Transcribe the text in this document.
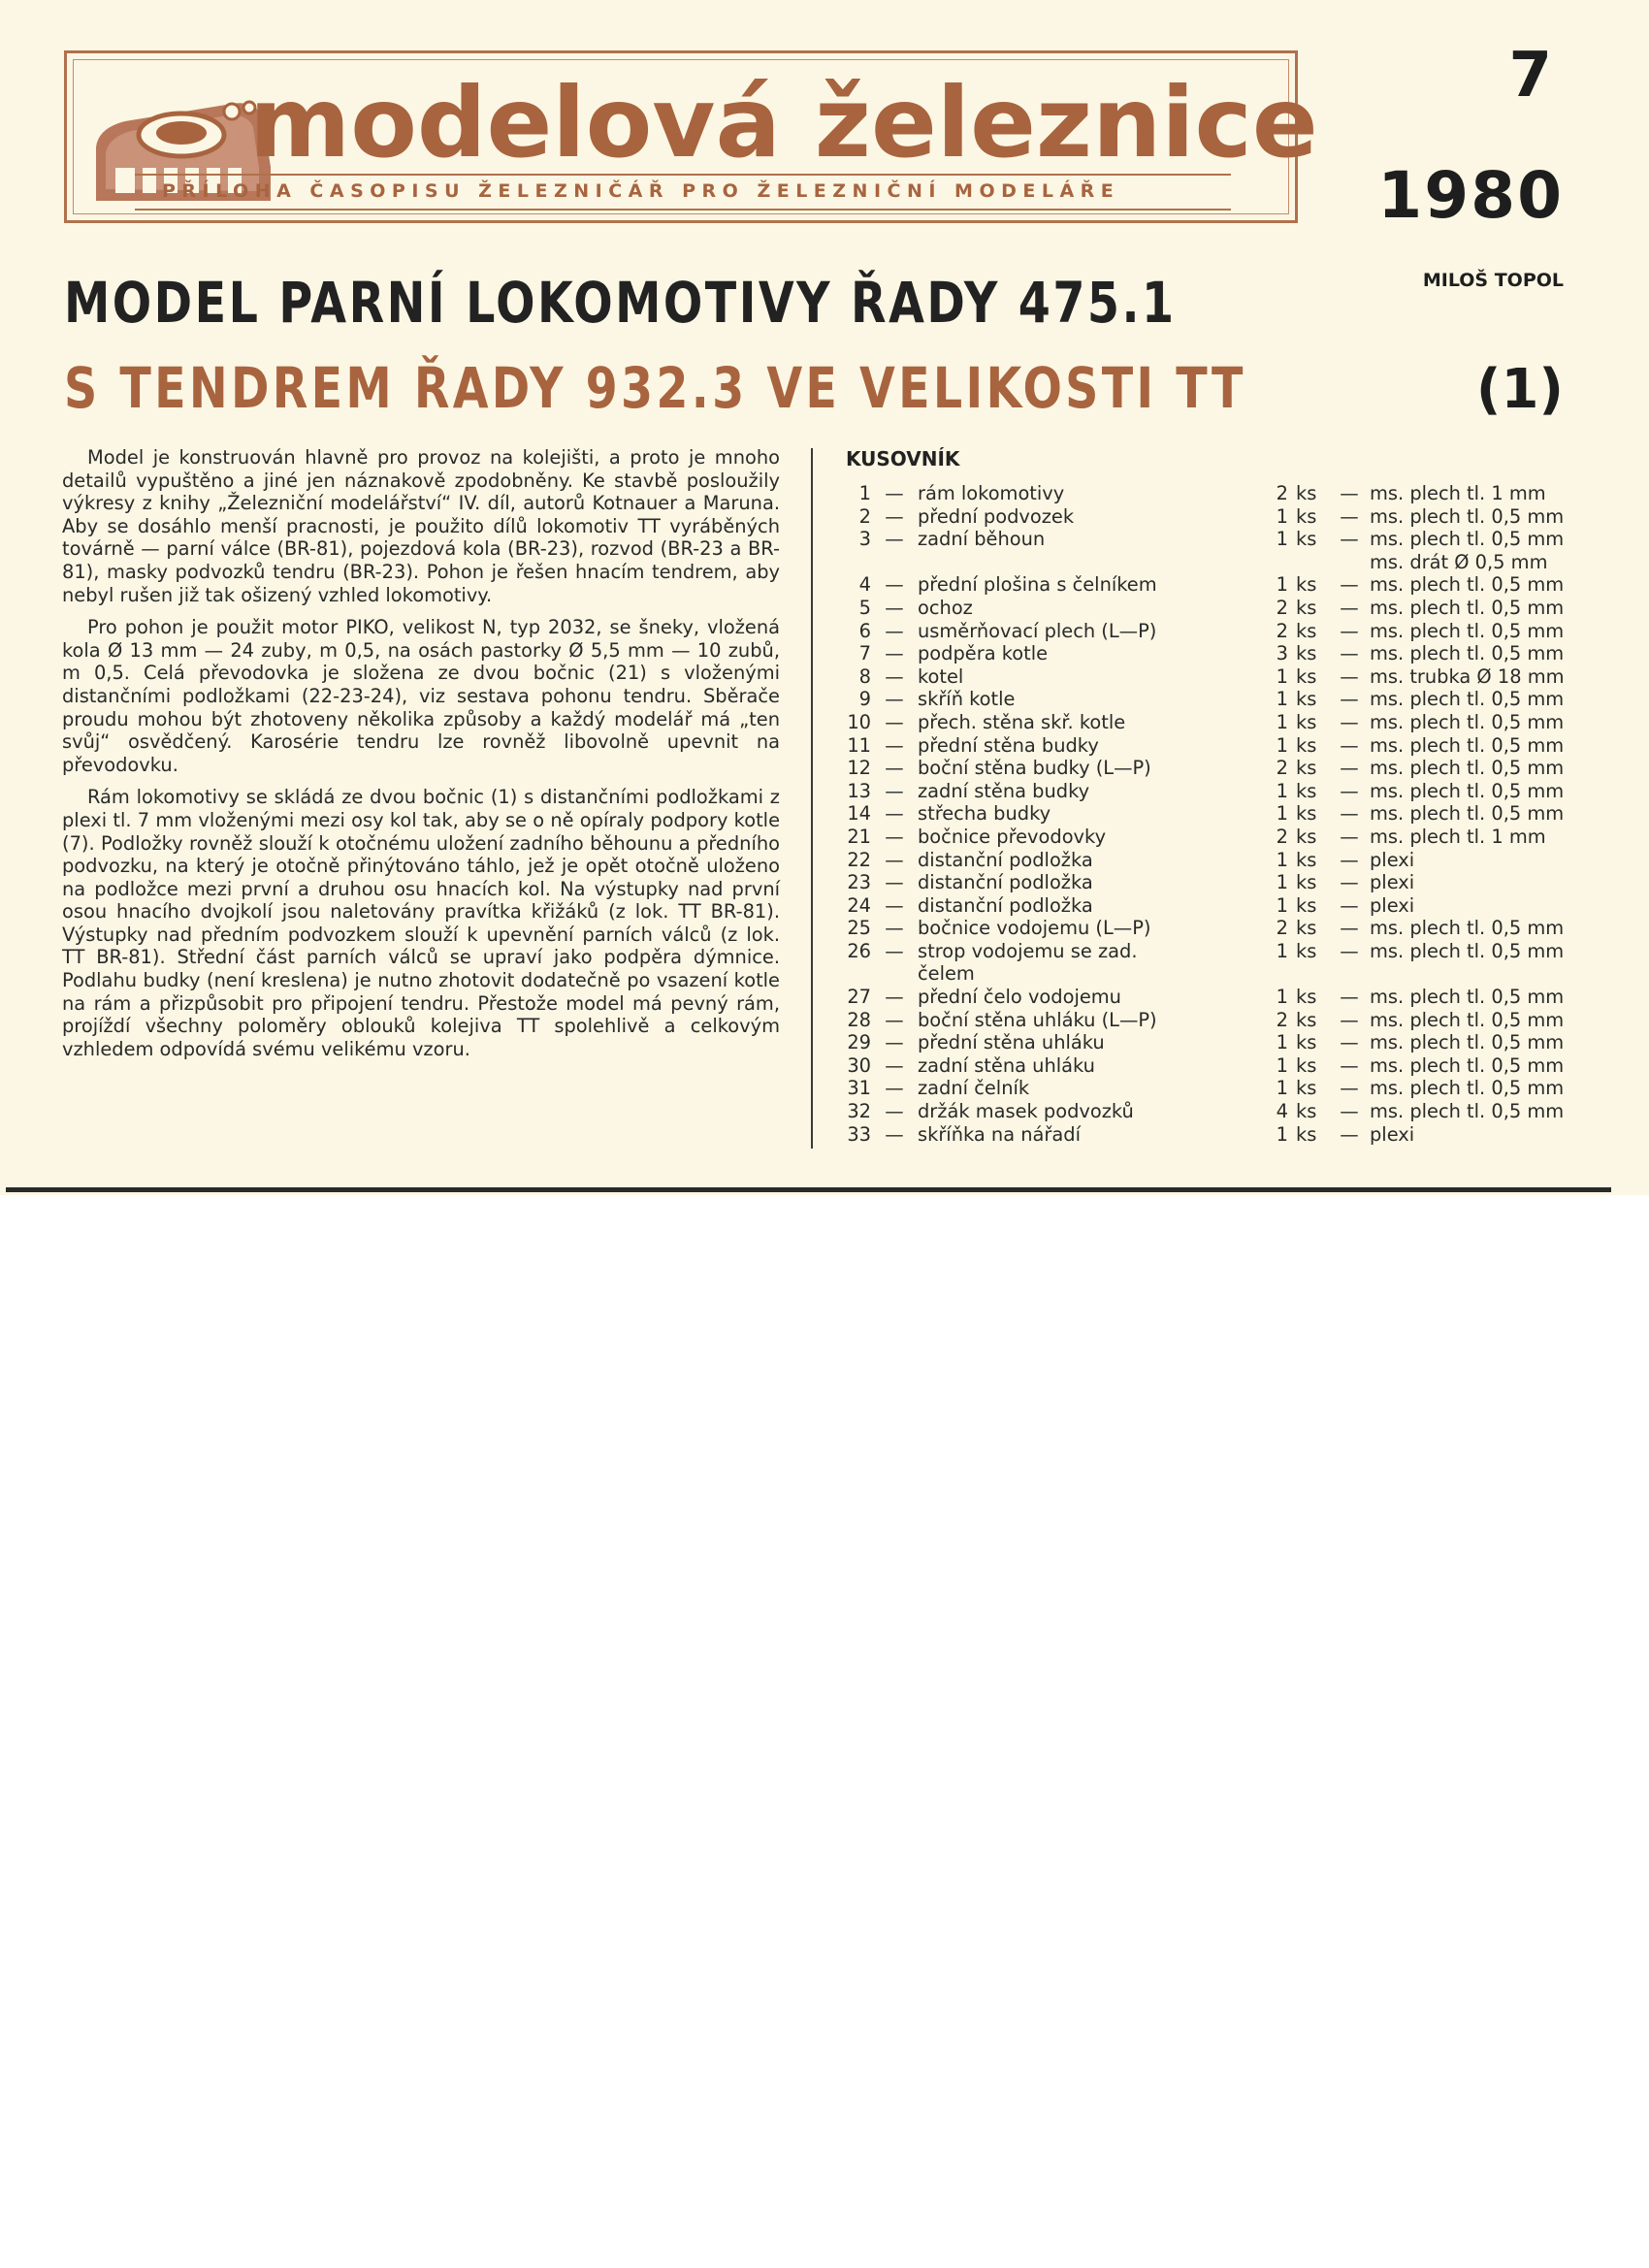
modelová železnice
PŘÍLOHA ČASOPISU ŽELEZNIČÁŘ PRO ŽELEZNIČNÍ MODELÁŘE
7
1980
MILOŠ TOPOL
MODEL PARNÍ LOKOMOTIVY ŘADY 475.1
S TENDREM ŘADY 932.3 VE VELIKOSTI TT	(1)

Model je konstruován hlavně pro provoz na kolejišti, a proto je mnoho detailů vypuštěno a jiné jen náznakově zpodobněny. Ke stavbě posloužily výkresy z knihy „Železniční modelářství“ IV. díl, autorů Kotnauer a Maruna. Aby se dosáhlo menší pracnosti, je použito dílů lokomotiv TT vyráběných továrně — parní válce (BR-81), pojezdová kola (BR-23), rozvod (BR-23 a BR-81), masky podvozků tendru (BR-23). Pohon je řešen hnacím tendrem, aby nebyl rušen již tak ošizený vzhled lokomotivy.

Pro pohon je použit motor PIKO, velikost N, typ 2032, se šneky, vložená kola Ø 13 mm — 24 zuby, m 0,5, na osách pastorky Ø 5,5 mm — 10 zubů, m 0,5. Celá převodovka je složena ze dvou bočnic (21) s vloženými distančními podložkami (22-23-24), viz sestava pohonu tendru. Sběrače proudu mohou být zhotoveny několika způsoby a každý modelář má „ten svůj“ osvědčený. Karosérie tendru lze rovněž libovolně upevnit na převodovku.

Rám lokomotivy se skládá ze dvou bočnic (1) s distančními podložkami z plexi tl. 7 mm vloženými mezi osy kol tak, aby se o ně opíraly podpory kotle (7). Podložky rovněž slouží k otočnému uložení zadního běhounu a předního podvozku, na který je otočně přinýtováno táhlo, jež je opět otočně uloženo na podložce mezi první a druhou osu hnacích kol. Na výstupky nad první osou hnacího dvojkolí jsou naletovány pravítka křižáků (z lok. TT BR-81). Výstupky nad předním podvozkem slouží k upevnění parních válců (z lok. TT BR-81). Střední část parních válců se upraví jako podpěra dýmnice. Podlahu budky (není kreslena) je nutno zhotovit dodatečně po vsazení kotle na rám a přizpůsobit pro připojení tendru. Přestože model má pevný rám, projíždí všechny poloměry oblouků kolejiva TT spolehlivě a celkovým vzhledem odpovídá svému velikému vzoru.

KUSOVNÍK
1 — rám lokomotivy	2 ks	— ms. plech tl. 1 mm
2 — přední podvozek	1 ks	— ms. plech tl. 0,5 mm
3 — zadní běhoun	1 ks	— ms. plech tl. 0,5 mm
ms. drát Ø 0,5 mm
4 — přední plošina s čelníkem	1 ks	— ms. plech tl. 0,5 mm
5 — ochoz	2 ks	— ms. plech tl. 0,5 mm
6 — usměrňovací plech (L—P)	2 ks	— ms. plech tl. 0,5 mm
7 — podpěra kotle	3 ks	— ms. plech tl. 0,5 mm
8 — kotel	1 ks	— ms. trubka Ø 18 mm
9 — skříň kotle	1 ks	— ms. plech tl. 0,5 mm
10 — přech. stěna skř. kotle	1 ks	— ms. plech tl. 0,5 mm
11 — přední stěna budky	1 ks	— ms. plech tl. 0,5 mm
12 — boční stěna budky (L—P)	2 ks	— ms. plech tl. 0,5 mm
13 — zadní stěna budky	1 ks	— ms. plech tl. 0,5 mm
14 — střecha budky	1 ks	— ms. plech tl. 0,5 mm
21 — bočnice převodovky	2 ks	— ms. plech tl. 1 mm
22 — distanční podložka	1 ks	— plexi
23 — distanční podložka	1 ks	— plexi
24 — distanční podložka	1 ks	— plexi
25 — bočnice vodojemu (L—P)	2 ks	— ms. plech tl. 0,5 mm
26 — strop vodojemu se zad.
čelem
1 ks	— ms. plech tl. 0,5 mm
27 — přední čelo vodojemu	1 ks	— ms. plech tl. 0,5 mm
28 — boční stěna uhláku (L—P)	2 ks	— ms. plech tl. 0,5 mm
29 — přední stěna uhláku	1 ks	— ms. plech tl. 0,5 mm
30 — zadní stěna uhláku	1 ks	— ms. plech tl. 0,5 mm
31 — zadní čelník	1 ks	— ms. plech tl. 0,5 mm
32 — držák masek podvozků	4 ks	— ms. plech tl. 0,5 mm
33 — skříňka na nářadí	1 ks	— plexi
